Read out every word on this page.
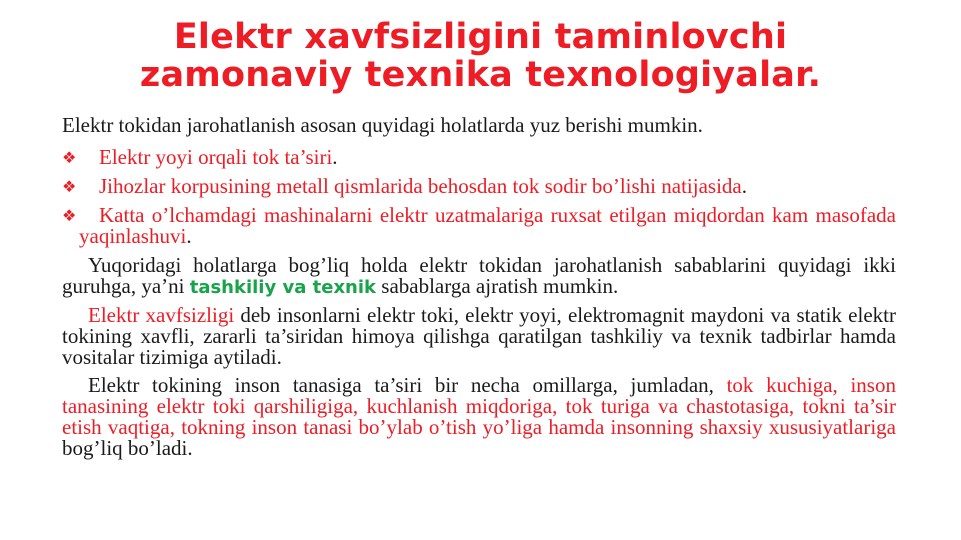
Elektr xavfsizligini taminlovchi
zamonaviy texnika texnologiyalar.

Elektr tokidan jarohatlanish asosan quyidagi holatlarda yuz berishi mumkin.

❖ Elektr yoyi orqali tok ta’siri.

❖ Jihozlar korpusining metall qismlarida behosdan tok sodir bo’lishi natijasida.

❖ Katta o’lchamdagi mashinalarni elektr uzatmalariga ruxsat etilgan miqdordan kam masofada yaqinlashuvi.

Yuqoridagi holatlarga bog’liq holda elektr tokidan jarohatlanish sabablarini quyidagi ikki guruhga, ya’ni tashkiliy va texnik sabablarga ajratish mumkin.

Elektr xavfsizligi deb insonlarni elektr toki, elektr yoyi, elektromagnit maydoni va statik elektr tokining xavfli, zararli ta’siridan himoya qilishga qaratilgan tashkiliy va texnik tadbirlar hamda vositalar tizimiga aytiladi.

Elektr tokining inson tanasiga ta’siri bir necha omillarga, jumladan, tok kuchiga, inson tanasining elektr toki qarshiligiga, kuchlanish miqdoriga, tok turiga va chastotasiga, tokni ta’sir etish vaqtiga, tokning inson tanasi bo’ylab o’tish yo’liga hamda insonning shaxsiy xususiyatlariga bog’liq bo’ladi.
